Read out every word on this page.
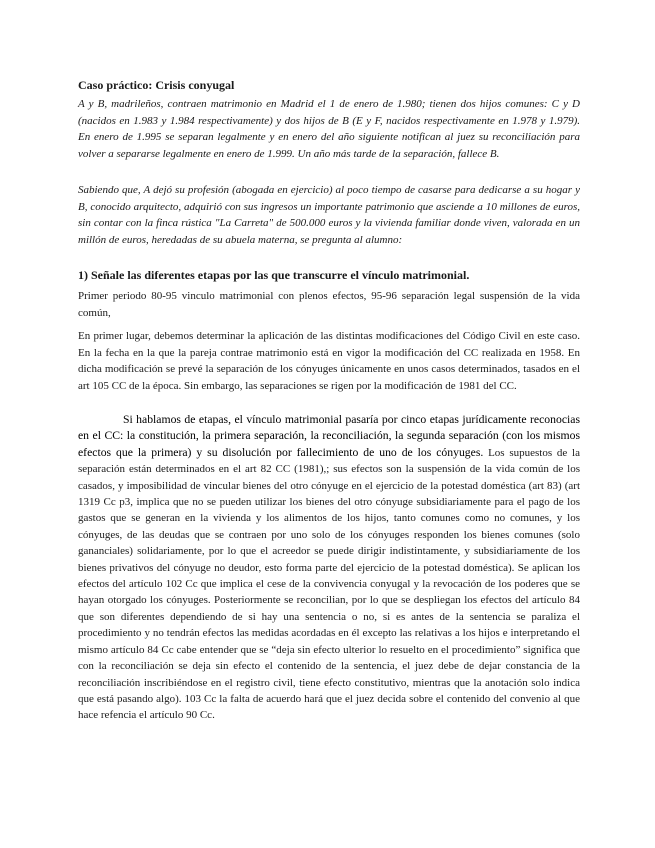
Caso práctico: Crisis conyugal

A y B, madrileños, contraen matrimonio en Madrid el 1 de enero de 1.980; tienen dos hijos comunes: C y D (nacidos en 1.983 y 1.984 respectivamente) y dos hijos de B (E y F, nacidos respectivamente en 1.978 y 1.979). En enero de 1.995 se separan legalmente y en enero del año siguiente notifican al juez su reconciliación para volver a separarse legalmente en enero de 1.999. Un año más tarde de la separación, fallece B.

Sabiendo que, A dejó su profesión (abogada en ejercicio) al poco tiempo de casarse para dedicarse a su hogar y B, conocido arquitecto, adquirió con sus ingresos un importante patrimonio que asciende a 10 millones de euros, sin contar con la finca rústica "La Carreta" de 500.000 euros y la vivienda familiar donde viven, valorada en un millón de euros, heredadas de su abuela materna, se pregunta al alumno:

1) Señale las diferentes etapas por las que transcurre el vínculo matrimonial.

Primer periodo 80-95 vinculo matrimonial con plenos efectos, 95-96 separación legal suspensión de la vida común,

En primer lugar, debemos determinar la aplicación de las distintas modificaciones del Código Civil en este caso. En la fecha en la que la pareja contrae matrimonio está en vigor la modificación del CC realizada en 1958. En dicha modificación se prevé la separación de los cónyuges únicamente en unos casos determinados, tasados en el art 105 CC de la época. Sin embargo, las separaciones se rigen por la modificación de 1981 del CC.

Si hablamos de etapas, el vínculo matrimonial pasaría por cinco etapas jurídicamente reconocias en el CC: la constitución, la primera separación, la reconciliación, la segunda separación (con los mismos efectos que la primera) y su disolución por fallecimiento de uno de los cónyuges. Los supuestos de la separación están determinados en el art 82 CC (1981),; sus efectos son la suspensión de la vida común de los casados, y imposibilidad de vincular bienes del otro cónyuge en el ejercicio de la potestad doméstica (art 83) (art 1319 Cc p3, implica que no se pueden utilizar los bienes del otro cónyuge subsidiariamente para el pago de los gastos que se generan en la vivienda y los alimentos de los hijos, tanto comunes como no comunes, y los cónyuges, de las deudas que se contraen por uno solo de los cónyuges responden los bienes comunes (solo gananciales) solidariamente, por lo que el acreedor se puede dirigir indistintamente, y subsidiariamente de los bienes privativos del cónyuge no deudor, esto forma parte del ejercicio de la potestad doméstica). Se aplican los efectos del artículo 102 Cc que implica el cese de la convivencia conyugal y la revocación de los poderes que se hayan otorgado los cónyuges. Posteriormente se reconcilian, por lo que se despliegan los efectos del artículo 84 que son diferentes dependiendo de si hay una sentencia o no, si es antes de la sentencia se paraliza el procedimiento y no tendrán efectos las medidas acordadas en él excepto las relativas a los hijos e interpretando el mismo artículo 84 Cc cabe entender que se “deja sin efecto ulterior lo resuelto en el procedimiento” significa que con la reconciliación se deja sin efecto el contenido de la sentencia, el juez debe de dejar constancia de la reconciliación inscribiéndose en el registro civil, tiene efecto constitutivo, mientras que la anotación solo indica que está pasando algo). 103 Cc la falta de acuerdo hará que el juez decida sobre el contenido del convenio al que hace refencia el artículo 90 Cc.
